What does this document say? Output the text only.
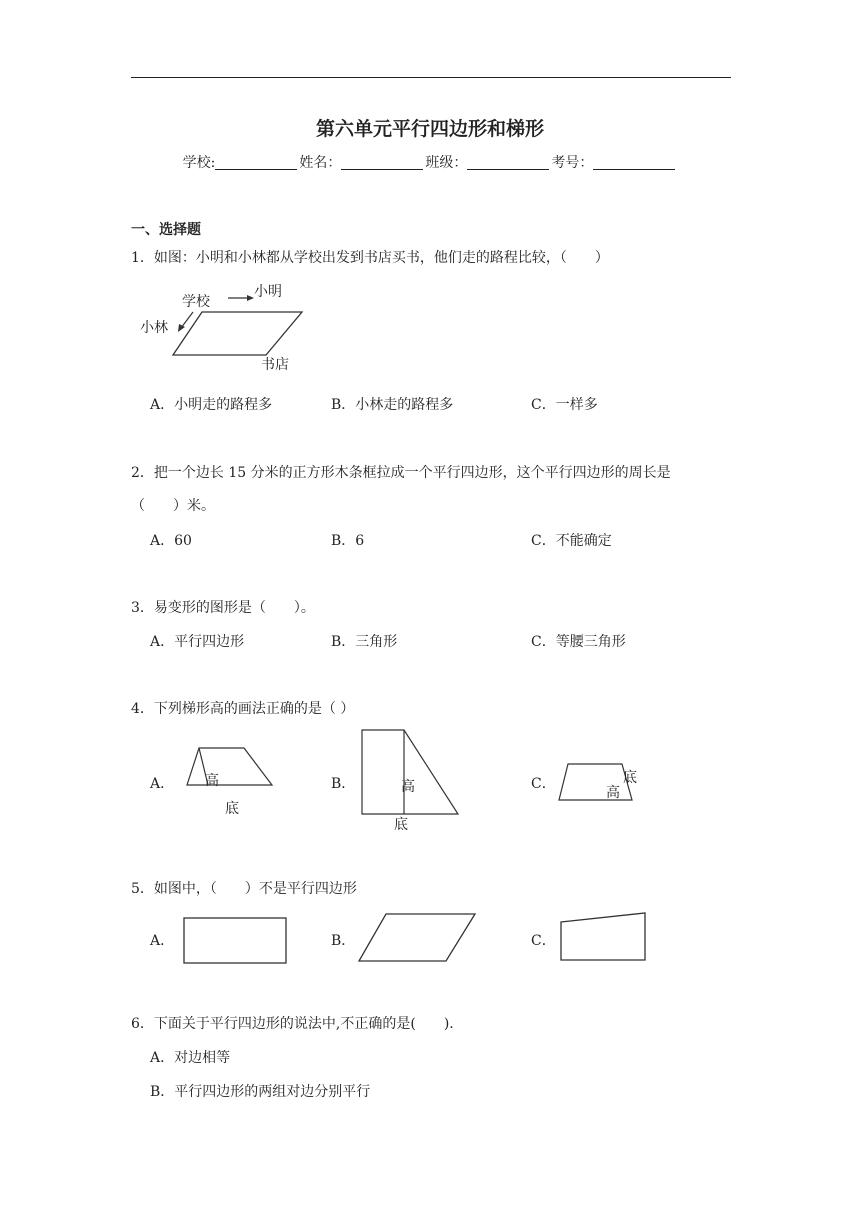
第六单元平行四边形和梯形
学校:	姓名：	班级：	考号：
一、选择题
1．如图：小明和小林都从学校出发到书店买书，他们走的路程比较，（　　）
学校
小明
小林
书店
A．小明走的路程多	B．小林走的路程多	C．一样多
2．把一个边长 15 分米的正方形木条框拉成一个平行四边形，这个平行四边形的周长是
（　　）米。
A．60	B．6	C．不能确定
3．易变形的图形是（　　）。
A．平行四边形	B．三角形	C．等腰三角形
4．下列梯形高的画法正确的是（ ）
A． 高
底
B．	高
底
C．	底
高
5．如图中，（　　）不是平行四边形
A．	B．	C．
6．下面关于平行四边形的说法中,不正确的是(　　).
A．对边相等
B．平行四边形的两组对边分别平行
